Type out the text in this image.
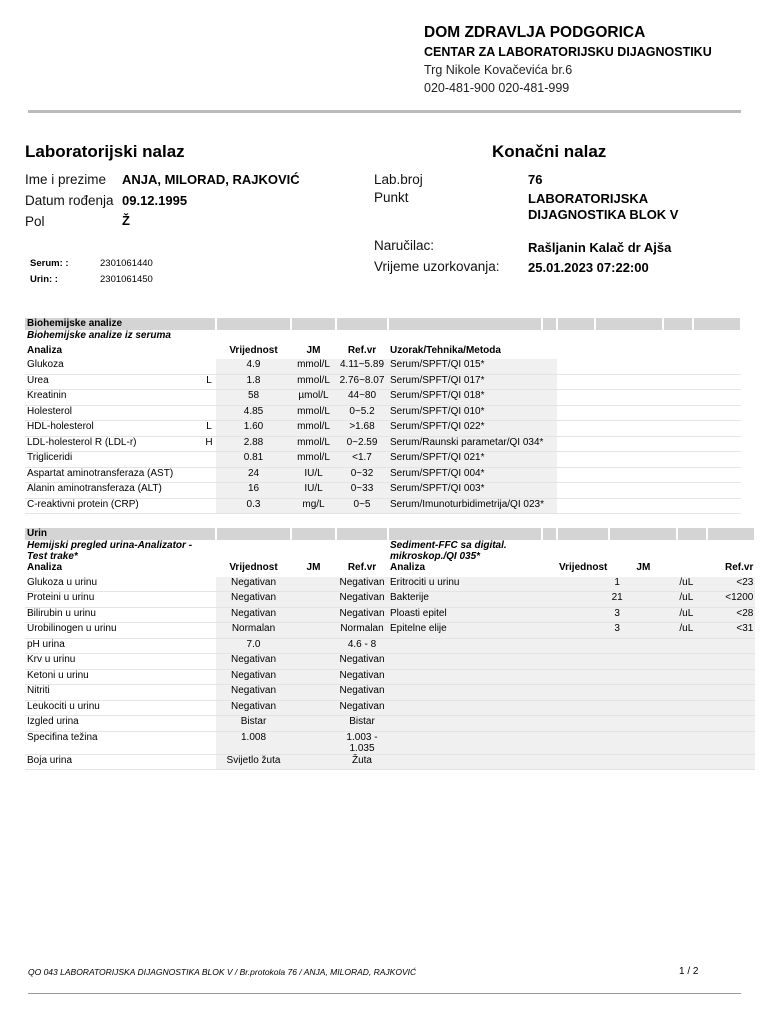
DOM ZDRAVLJA PODGORICA
CENTAR ZA LABORATORIJSKU DIJAGNOSTIKU
Trg Nikole Kovačevića br.6
020-481-900 020-481-999
Laboratorijski nalaz	Konačni nalaz
Ime i prezime ANJA, MILORAD, RAJKOVIĆ
Datum rođenja 09.12.1995
Pol	Ž
Lab.broj	76
Punkt	LABORATORIJSKA DIJAGNOSTIKA BLOK V
Naručilac:	Rašljanin Kalač dr Ajša
Vrijeme uzorkovanja: 25.01.2023 07:22:00
Serum: :	2301061440
Urin: :	2301061450
Biohemijske analize										
Biohemijske analize iz seruma										
Analiza		Vrijednost	JM	Ref.vr	Uzorak/Tehnika/Metoda					
Glukoza		4.9	mmol/L	4.11~5.89	Serum/SPFT/QI 015*					
Urea	L	1.8	mmol/L	2.76~8.07	Serum/SPFT/QI 017*					
Kreatinin		58	µmol/L	44~80	Serum/SPFT/QI 018*					
Holesterol		4.85	mmol/L	0~5.2	Serum/SPFT/QI 010*					
HDL-holesterol	L	1.60	mmol/L	>1.68	Serum/SPFT/QI 022*					
LDL-holesterol R (LDL-r)	H	2.88	mmol/L	0~2.59	Serum/Raunski parametar/QI 034*					
Trigliceridi		0.81	mmol/L	<1.7	Serum/SPFT/QI 021*					
Aspartat aminotransferaza (AST)		24	IU/L	0~32	Serum/SPFT/QI 004*					
Alanin aminotransferaza (ALT)		16	IU/L	0~33	Serum/SPFT/QI 003*					
C-reaktivni protein (CRP)		0.3	mg/L	0~5	Serum/Imunoturbidimetrija/QI 023*					
Urin									
Hemijski pregled urina-Analizator - Test trake*				Sediment-FFC sa digital. mikroskop./QI 035*					
Analiza	Vrijednost	JM	Ref.vr	Analiza		Vrijednost	JM	Ref.vr	
Glukoza u urinu	Negativan		Negativan	Eritrociti u urinu		1		/uL	<23
Proteini u urinu	Negativan		Negativan	Bakterije		21		/uL	<1200
Bilirubin u urinu	Negativan		Negativan	Ploasti epitel		3		/uL	<28
Urobilinogen u urinu	Normalan		Normalan	Epitelne elije		3		/uL	<31
pH urina	7.0		4.6 - 8						
Krv u urinu	Negativan		Negativan						
Ketoni u urinu	Negativan		Negativan						
Nitriti	Negativan		Negativan						
Leukociti u urinu	Negativan		Negativan						
Izgled urina	Bistar		Bistar						
Specifina težina	1.008		1.003 - 1.035						
Boja urina	Svijetlo žuta		Žuta						
QO 043 LABORATORIJSKA DIJAGNOSTIKA BLOK V / Br.protokola 76 / ANJA, MILORAD, RAJKOVIĆ	1 / 2
